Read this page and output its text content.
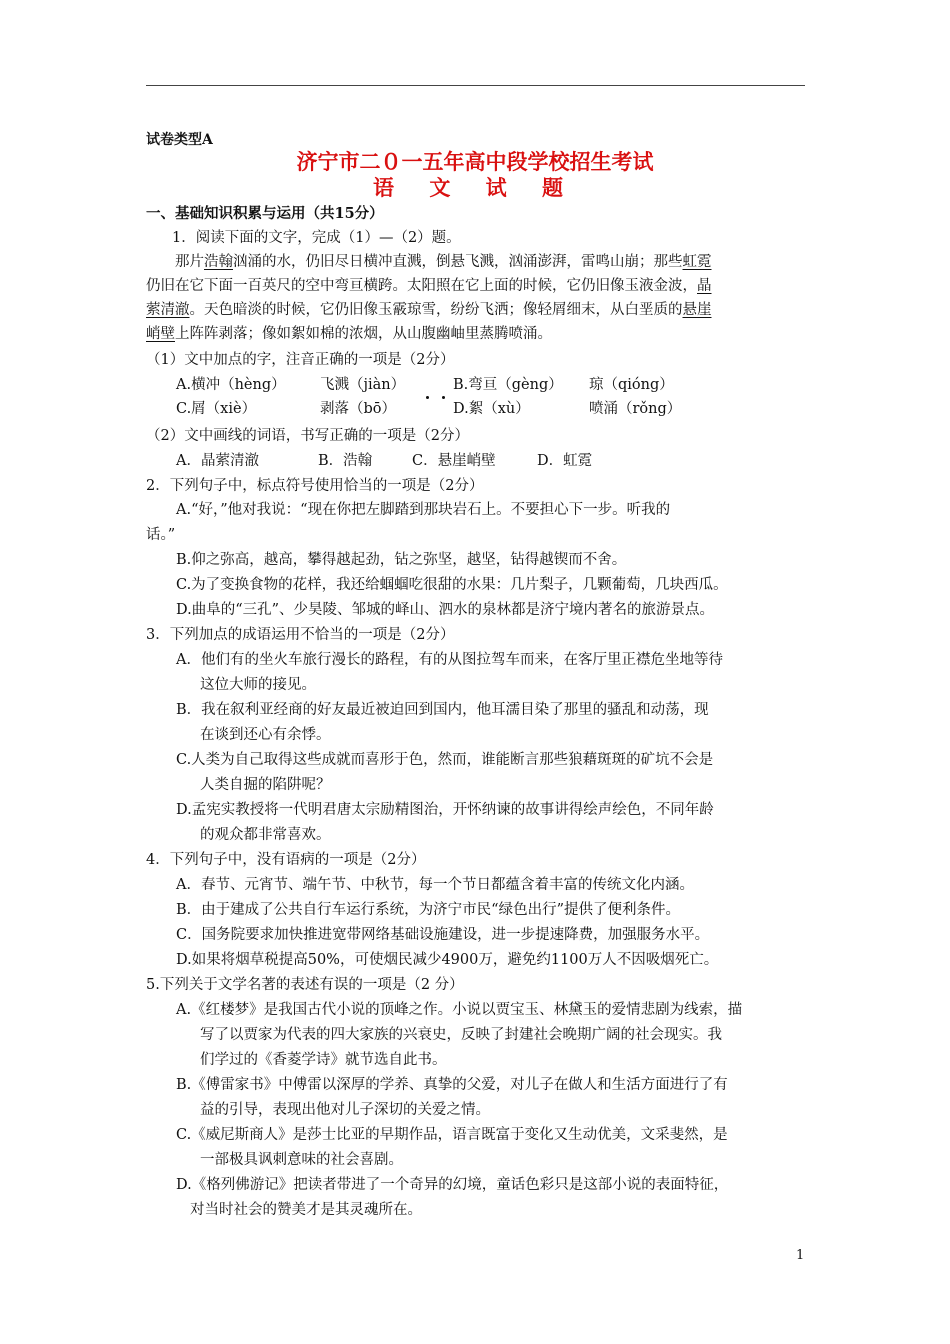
试卷类型A
济宁市二０一五年高中段学校招生考试
语 文 试 题
一、基础知识积累与运用（共15分）
1．阅读下面的文字，完成（1）—（2）题。
　　那片浩翰汹涌的水，仍旧尽日横冲直溅，倒悬飞溅，汹涌澎湃，雷鸣山崩；那些虹霓
仍旧在它下面一百英尺的空中弯亘横跨。太阳照在它上面的时候，它仍旧像玉液金波，晶
萦清澈。天色暗淡的时候，它仍旧像玉霰琼雪，纷纷飞洒；像轻屑细末，从白垩质的悬崖
峭壁上阵阵剥落；像如絮如棉的浓烟，从山腹幽岫里蒸腾喷涌。
（1）文中加点的字，注音正确的一项是（2分）
A.横冲（hèng） 飞溅（jiàn）	B.弯亘（gèng） 琼（qióng）
C.屑（xiè）	剥落（bō）	D.絮（xù）	喷涌（rǒng）
（2）文中画线的词语，书写正确的一项是（2分）
A．晶萦清澈	B．浩翰	C．悬崖峭壁	D．虹霓
2．下列句子中，标点符号使用恰当的一项是（2分）
A.“好，”他对我说：“现在你把左脚踏到那块岩石上。不要担心下一步。听我的
话。”
B.仰之弥高，越高，攀得越起劲，钻之弥坚，越坚，钻得越锲而不舍。
C.为了变换食物的花样，我还给蝈蝈吃很甜的水果：几片梨子，几颗葡萄，几块西瓜。
D.曲阜的“三孔”、少昊陵、邹城的峄山、泗水的泉林都是济宁境内著名的旅游景点。
3．下列加点的成语运用不恰当的一项是（2分）
A．他们有的坐火车旅行漫长的路程，有的从图拉驾车而来，在客厅里正襟危坐地等待
这位大师的接见。
B．我在叙利亚经商的好友最近被迫回到国内，他耳濡目染了那里的骚乱和动荡，现
在谈到还心有余悸。
C.人类为自己取得这些成就而喜形于色，然而，谁能断言那些狼藉斑斑的矿坑不会是
人类自掘的陷阱呢？
D.孟宪实教授将一代明君唐太宗励精图治，开怀纳谏的故事讲得绘声绘色，不同年龄
的观众都非常喜欢。
4．下列句子中，没有语病的一项是（2分）
A．春节、元宵节、端午节、中秋节，每一个节日都蕴含着丰富的传统文化内涵。
B．由于建成了公共自行车运行系统，为济宁市民“绿色出行”提供了便利条件。
C．国务院要求加快推进宽带网络基础设施建设，进一步提速降费，加强服务水平。
D.如果将烟草税提高50%，可使烟民减少4900万，避免约1100万人不因吸烟死亡。
5.下列关于文学名著的表述有误的一项是（2 分）
A.《红楼梦》是我国古代小说的顶峰之作。小说以贾宝玉、林黛玉的爱情悲剧为线索，描
写了以贾家为代表的四大家族的兴衰史，反映了封建社会晚期广阔的社会现实。我
们学过的《香菱学诗》就节选自此书。
B.《傅雷家书》中傅雷以深厚的学养、真挚的父爱，对儿子在做人和生活方面进行了有
益的引导，表现出他对儿子深切的关爱之情。
C.《威尼斯商人》是莎士比亚的早期作品，语言既富于变化又生动优美，文采斐然，是
一部极具讽刺意味的社会喜剧。
D.《格列佛游记》把读者带进了一个奇异的幻境，童话色彩只是这部小说的表面特征，
对当时社会的赞美才是其灵魂所在。
1
